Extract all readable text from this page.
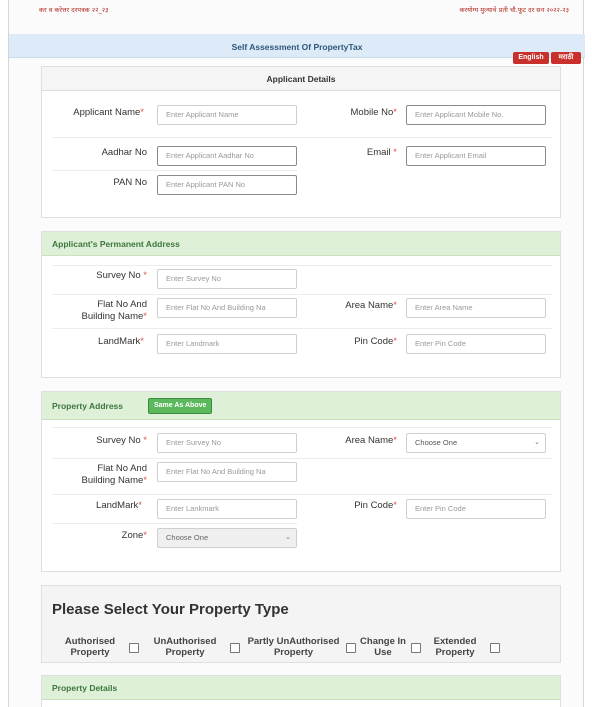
कर व करेत्तर दरपत्रक २२_२३	करयोग्य मुल्याचे प्रती चौ.फूट दर सन २०२२-२३
Self Assessment Of PropertyTax
English	मराठी
Applicant Details
Applicant Name*	Enter Applicant Name	Mobile No*	Enter Applicant Mobile No.
Aadhar No	Enter Applicant Aadhar No	Email *	Enter Applicant Email
PAN No	Enter Applicant PAN No
Applicant's Permanent Address
Survey No *	Enter Survey No
Flat No And
Building Name*
Enter Flat No And Building Na	Area Name*	Enter Area Name
LandMark*	Enter Landmark	Pin Code*	Enter Pin Code
Property Address	Same As Above
Survey No *	Enter Survey No	Area Name*	Choose One	⌄
Flat No And
Building Name*
Enter Flat No And Building Na
LandMark*	Enter Lankmark	Pin Code*	Enter Pin Code
Zone*	Choose One	⌄
Please Select Your Property Type
Authorised
Property
UnAuthorised
Property
Partly UnAuthorised
Property
Change In
Use
Extended
Property
Property Details
